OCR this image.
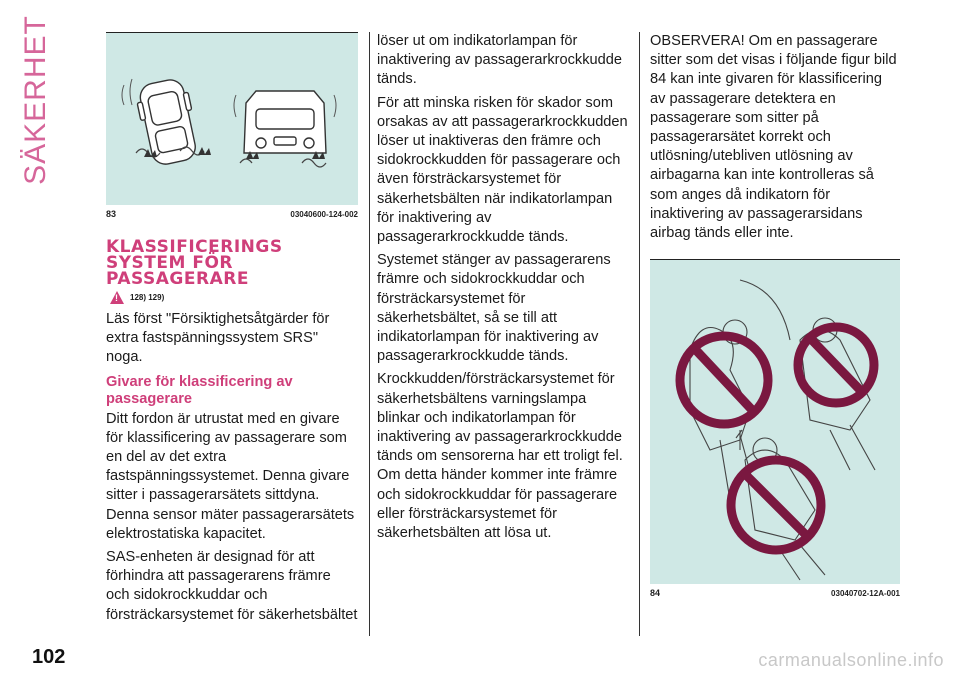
SÄKERHET
83	03040600-124-002
KLASSIFICERINGS
SYSTEM FÖR
PASSAGERARE
!
128) 129)

Läs först "Försiktighetsåtgärder för extra fastspänningssystem SRS" noga.

Givare för klassificering av passagerare

Ditt fordon är utrustat med en givare för klassificering av passagerare som en del av det extra fastspänningssystemet. Denna givare sitter i passagerarsätets sittdyna. Denna sensor mäter passagerarsätets elektrostatiska kapacitet.

SAS-enheten är designad för att förhindra att passagerarens främre och sidokrockkuddar och försträckarsystemet för säkerhetsbältet

löser ut om indikatorlampan för inaktivering av passagerarkrockkudde tänds.

För att minska risken för skador som orsakas av att passagerarkrockkudden löser ut inaktiveras den främre och sidokrockkudden för passagerare och även försträckarsystemet för säkerhetsbälten när indikatorlampan för inaktivering av passagerarkrockkudde tänds.

Systemet stänger av passagerarens främre och sidokrockkuddar och försträckarsystemet för säkerhetsbältet, så se till att indikatorlampan för inaktivering av passagerarkrockkudde tänds.

Krockkudden/försträckarsystemet för säkerhetsbältens varningslampa blinkar och indikatorlampan för inaktivering av passagerarkrockkudde tänds om sensorerna har ett troligt fel. Om detta händer kommer inte främre och sidokrockkuddar för passagerare eller försträckarsystemet för säkerhetsbälten att lösa ut.

OBSERVERA! Om en passagerare sitter som det visas i följande figur bild 84 kan inte givaren för klassificering av passagerare detektera en passagerare som sitter på passagerarsätet korrekt och utlösning/utebliven utlösning av airbagarna kan inte kontrolleras så som anges då indikatorn för inaktivering av passagerarsidans airbag tänds eller inte.

84	03040702-12A-001
102	carmanualsonline.info
